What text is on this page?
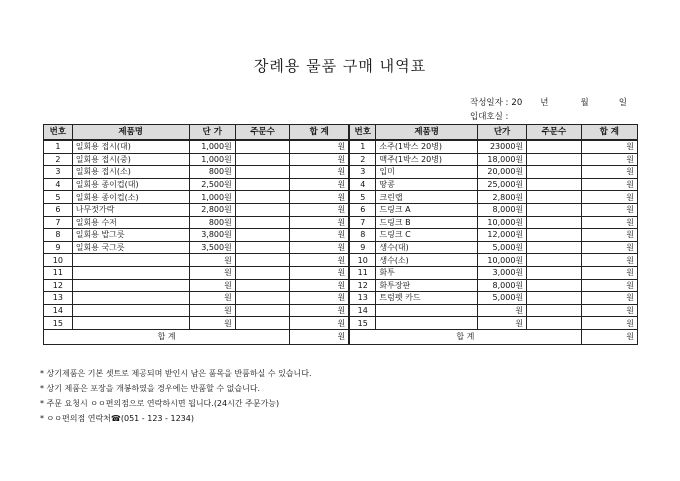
장례용 물품 구매 내역표
작성일자 : 20 년	월	일
입대호실 :
번호	제품명	단 가	주문수	합 계	번호	제품명	단가	주문수	합 계
1	일회용 접시(대)	1,000원		원	1	소주(1박스 20병)	23000원		원
2	일회용 접시(중)	1,000원		원	2	맥주(1박스 20병)	18,000원		원
3	일회용 접시(소)	800원		원	3	입미	20,000원		원
4	일회용 종이컵(대)	2,500원		원	4	땅콩	25,000원		원
5	일회용 종이컵(소)	1,000원		원	5	크린랩	2,800원		원
6	나무젓가락	2,800원		원	6	드링크 A	8,000원		원
7	일회용 수저	800원		원	7	드링크 B	10,000원		원
8	일회용 밥그릇	3,800원		원	8	드링크 C	12,000원		원
9	일회용 국그릇	3,500원		원	9	생수(대)	5,000원		원
10		원		원	10	생수(소)	10,000원		원
11		원		원	11	화투	3,000원		원
12		원		원	12	화투장판	8,000원		원
13		원		원	13	트럼펫 카드	5,000원		원
14		원		원	14		원		원
15		원		원	15		원		원
합 계				원	합 계				원
* 상기제품은 기본 셋트로 제공되며 받인시 남은 품목을 반품하실 수 있습니다.
* 상기 제품은 포장을 개봉하였을 경우에는 반품할 수 없습니다.
* 주문 요청시 ㅇㅇ편의점으로 연락하시면 됩니다.(24시간 주문가능)
* ㅇㅇ편의점 연락처☎(051 - 123 - 1234)
